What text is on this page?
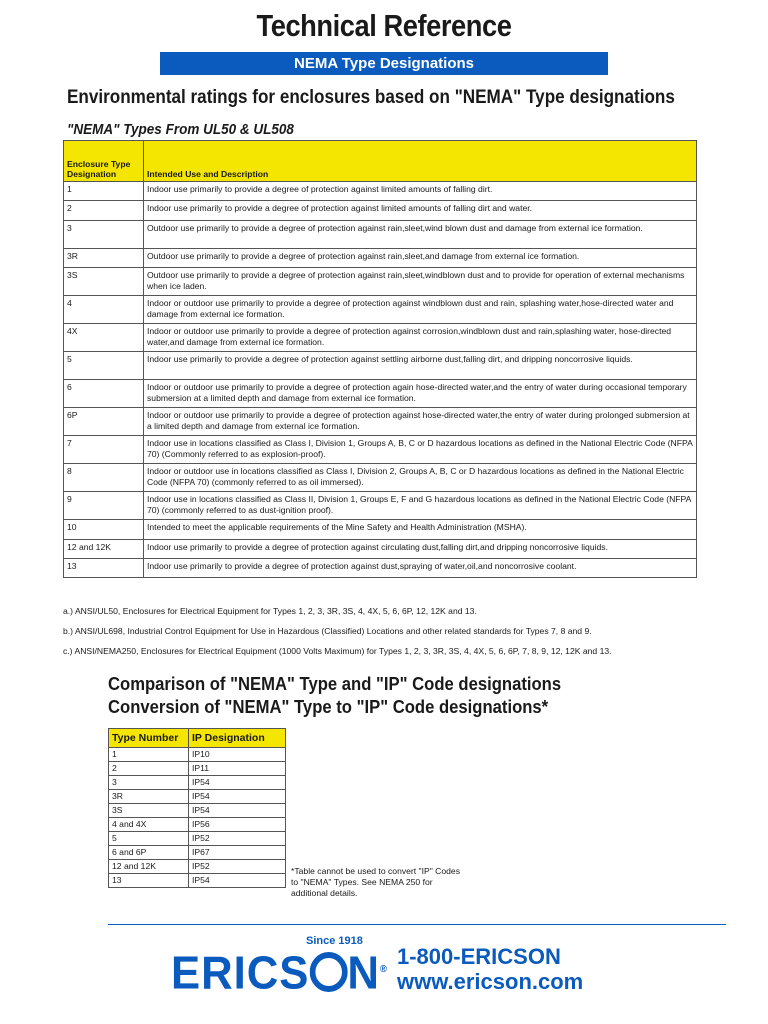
Technical Reference
NEMA Type Designations
Environmental ratings for enclosures based on "NEMA" Type designations
"NEMA" Types From UL50 & UL508
Enclosure Type Designation	Intended Use and Description
1	Indoor use primarily to provide a degree of protection against limited amounts of falling dirt.
2	Indoor use primarily to provide a degree of protection against limited amounts of falling dirt and water.
3	Outdoor use primarily to provide a degree of protection against rain,sleet,wind blown dust and damage from external ice formation.
3R	Outdoor use primarily to provide a degree of protection against rain,sleet,and damage from external ice formation.
3S	Outdoor use primarily to provide a degree of protection against rain,sleet,windblown dust and to provide for operation of external mechanisms when ice laden.
4	Indoor or outdoor use primarily to provide a degree of protection against windblown dust and rain, splashing water,hose-directed water and damage from external ice formation.
4X	Indoor or outdoor use primarily to provide a degree of protection against corrosion,windblown dust and rain,splashing water, hose-directed water,and damage from external ice formation.
5	Indoor use primarily to provide a degree of protection against settling airborne dust,falling dirt, and dripping noncorrosive liquids.
6	Indoor or outdoor use primarily to provide a degree of protection again hose-directed water,and the entry of water during occasional temporary submersion at a limited depth and damage from external ice formation.
6P	Indoor or outdoor use primarily to provide a degree of protection against hose-directed water,the entry of water during prolonged submersion at a limited depth and damage from external ice formation.
7	Indoor use in locations classified as Class I, Division 1, Groups A, B, C or D hazardous locations as defined in the National Electric Code (NFPA 70) (Commonly referred to as explosion-proof).
8	Indoor or outdoor use in locations classified as Class I, Division 2, Groups A, B, C or D hazardous locations as defined in the National Electric Code (NFPA 70) (commonly referred to as oil immersed).
9	Indoor use in locations classified as Class II, Division 1, Groups E, F and G hazardous locations as defined in the National Electric Code (NFPA 70) (commonly referred to as dust-ignition proof).
10	Intended to meet the applicable requirements of the Mine Safety and Health Administration (MSHA).
12 and 12K	Indoor use primarily to provide a degree of protection against circulating dust,falling dirt,and dripping noncorrosive liquids.
13	Indoor use primarily to provide a degree of protection against dust,spraying of water,oil,and noncorrosive coolant.
a.) ANSI/UL50, Enclosures for Electrical Equipment for Types 1, 2, 3, 3R, 3S, 4, 4X, 5, 6, 6P, 12, 12K and 13.
b.) ANSI/UL698, Industrial Control Equipment for Use in Hazardous (Classified) Locations and other related standards for Types 7, 8 and 9.
c.) ANSI/NEMA250, Enclosures for Electrical Equipment (1000 Volts Maximum) for Types 1, 2, 3, 3R, 3S, 4, 4X, 5, 6, 6P, 7, 8, 9, 12, 12K and 13.
Comparison of "NEMA" Type and "IP" Code designations
Conversion of "NEMA" Type to "IP" Code designations*
Type Number	IP Designation
1	IP10
2	IP11
3	IP54
3R	IP54
3S	IP54
4 and 4X	IP56
5	IP52
6 and 6P	IP67
12 and 12K	IP52
13	IP54
*Table cannot be used to convert "IP" Codes to "NEMA" Types. See NEMA 250 for additional details.
Since 1918
ERICS N®
1-800-ERICSON
www.ericson.com
